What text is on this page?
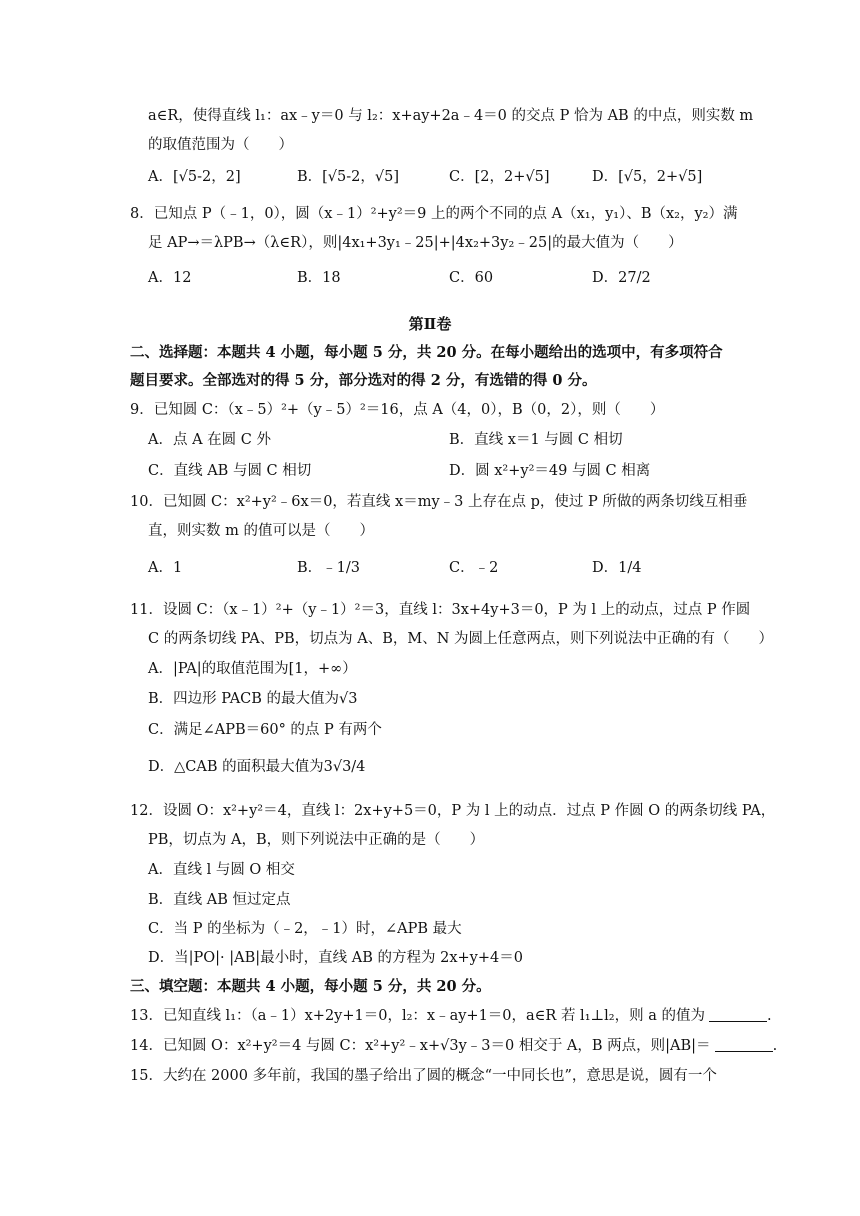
a∈R，使得直线 l₁：ax﹣y＝0 与 l₂：x+ay+2a﹣4＝0 的交点 P 恰为 AB 的中点，则实数 m
的取值范围为（　　）
A．[√5-2，2]	B．[√5-2，√5]	C．[2，2+√5]	D．[√5，2+√5]
8．已知点 P（﹣1，0），圆（x﹣1）²+y²＝9 上的两个不同的点 A（x₁，y₁）、B（x₂，y₂）满
足 AP→＝λPB→（λ∈R），则|4x₁+3y₁﹣25|+|4x₂+3y₂﹣25|的最大值为（　　）
A．12	B．18	C．60	D．27/2
第Ⅱ卷
二、选择题：本题共 4 小题，每小题 5 分，共 20 分。在每小题给出的选项中，有多项符合
题目要求。全部选对的得 5 分，部分选对的得 2 分，有选错的得 0 分。
9．已知圆 C：（x﹣5）²+（y﹣5）²＝16，点 A（4，0），B（0，2），则（　　）
A．点 A 在圆 C 外	B．直线 x＝1 与圆 C 相切
C．直线 AB 与圆 C 相切	D．圆 x²+y²＝49 与圆 C 相离
10．已知圆 C：x²+y²﹣6x＝0，若直线 x＝my﹣3 上存在点 p，使过 P 所做的两条切线互相垂
直，则实数 m 的值可以是（　　）
A．1	B．﹣1/3	C．﹣2	D．1/4
11．设圆 C：（x﹣1）²+（y﹣1）²＝3，直线 l：3x+4y+3＝0，P 为 l 上的动点，过点 P 作圆
C 的两条切线 PA、PB，切点为 A、B，M、N 为圆上任意两点，则下列说法中正确的有（　　）
A．|PA|的取值范围为[1，+∞）
B．四边形 PACB 的最大值为√3
C．满足∠APB＝60° 的点 P 有两个
D．△CAB 的面积最大值为3√3/4
12．设圆 O：x²+y²＝4，直线 l：2x+y+5＝0，P 为 l 上的动点．过点 P 作圆 O 的两条切线 PA，
PB，切点为 A，B，则下列说法中正确的是（　　）
A．直线 l 与圆 O 相交
B．直线 AB 恒过定点
C．当 P 的坐标为（﹣2，﹣1）时，∠APB 最大
D．当|PO|· |AB|最小时，直线 AB 的方程为 2x+y+4＝0
三、填空题：本题共 4 小题，每小题 5 分，共 20 分。
13．已知直线 l₁：（a﹣1）x+2y+1＝0，l₂：x﹣ay+1＝0，a∈R 若 l₁⊥l₂，则 a 的值为	.
14．已知圆 O：x²+y²＝4 与圆 C：x²+y²﹣x+√3y﹣3＝0 相交于 A，B 两点，则|AB|＝	.
15．大约在 2000 多年前，我国的墨子给出了圆的概念“一中同长也”，意思是说，圆有一个
